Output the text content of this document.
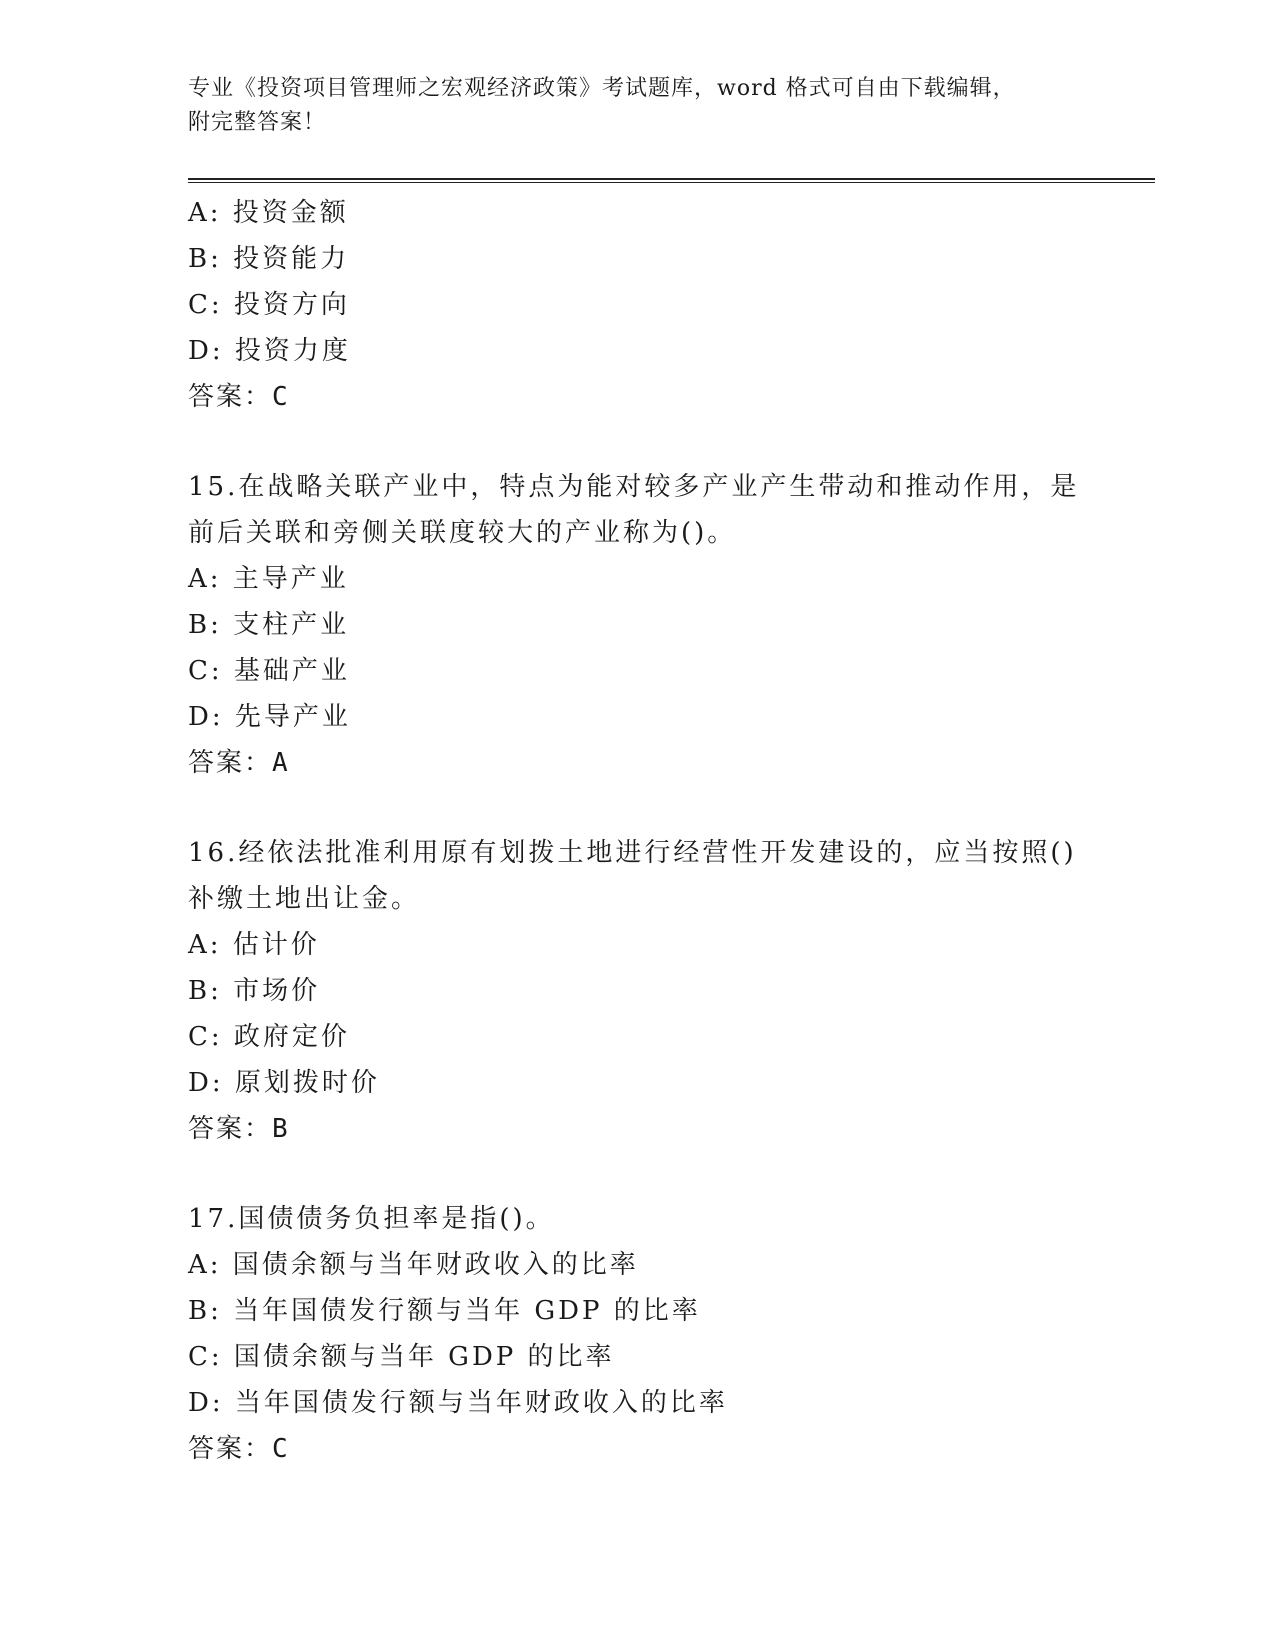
专业《投资项目管理师之宏观经济政策》考试题库，word 格式可自由下载编辑，
附完整答案！
A: 投资金额
B: 投资能力
C: 投资方向
D: 投资力度
答案：C
15.在战略关联产业中，特点为能对较多产业产生带动和推动作用，是
前后关联和旁侧关联度较大的产业称为()。
A: 主导产业
B: 支柱产业
C: 基础产业
D: 先导产业
答案：A
16.经依法批准利用原有划拨土地进行经营性开发建设的，应当按照()
补缴土地出让金。
A: 估计价
B: 市场价
C: 政府定价
D: 原划拨时价
答案：B
17.国债债务负担率是指()。
A: 国债余额与当年财政收入的比率
B: 当年国债发行额与当年 GDP 的比率
C: 国债余额与当年 GDP 的比率
D: 当年国债发行额与当年财政收入的比率
答案：C
